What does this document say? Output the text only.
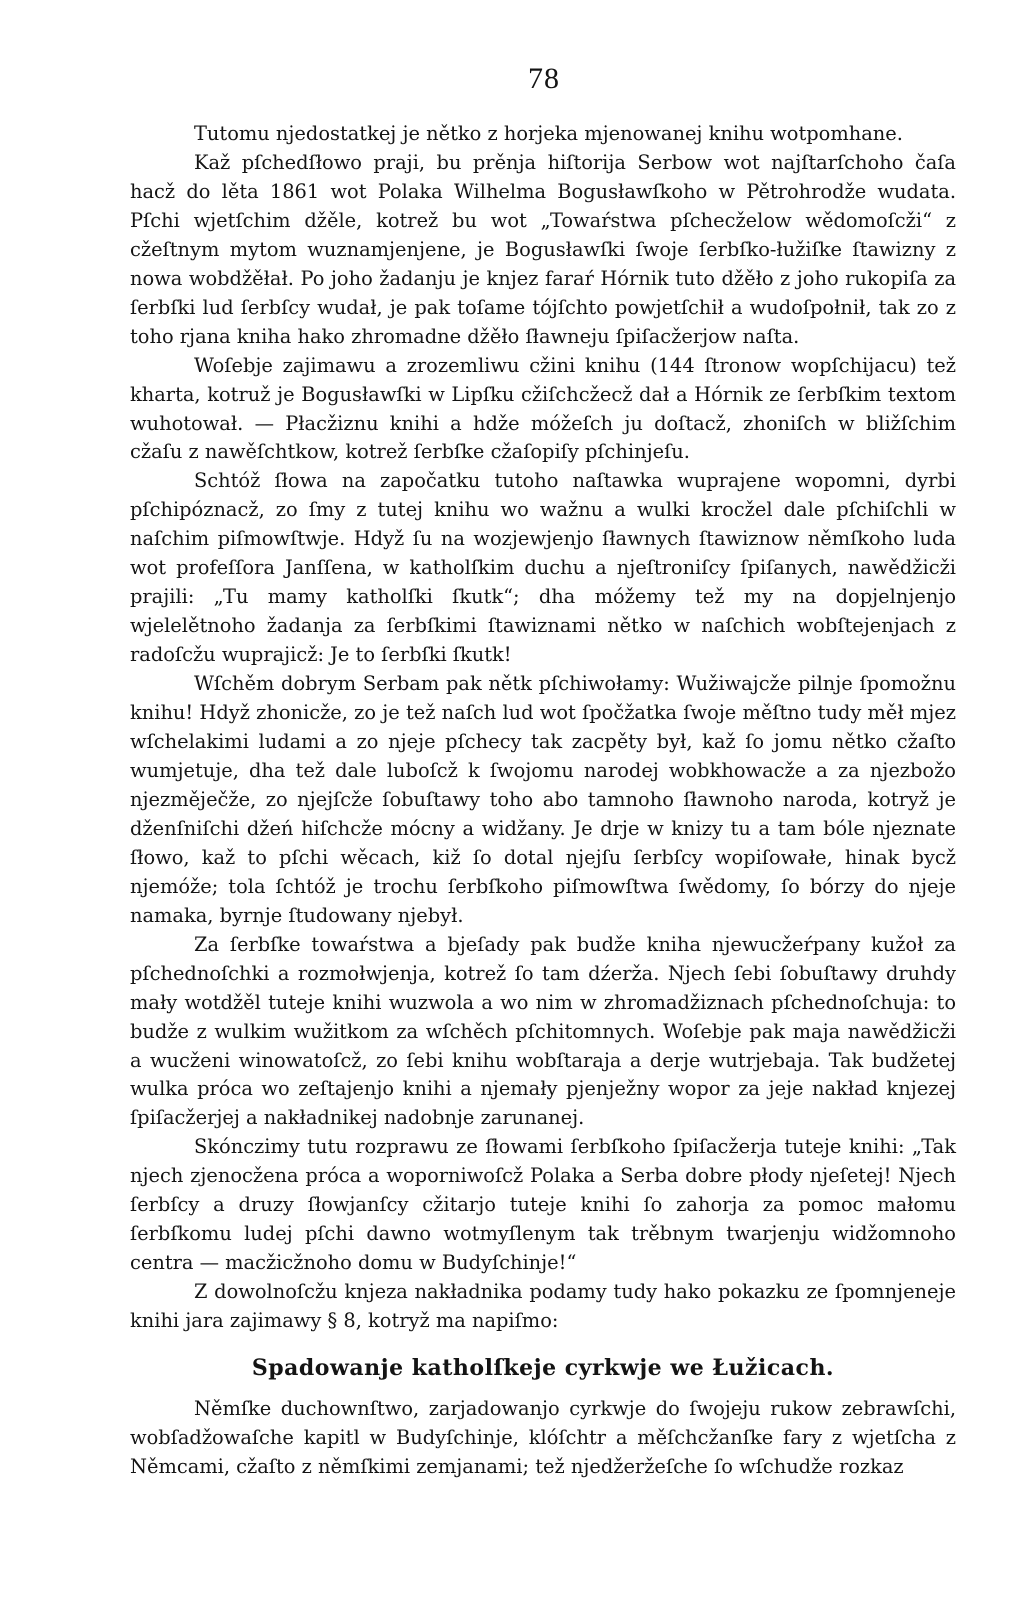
78

Tutomu njedostatkej je nětko z horjeka mjenowanej knihu wotpomhane.

Kaž pſchedſłowo praji, bu prěnja hiſtorija Serbow wot najſtarſchoho čaſa hacž do lěta 1861 wot Polaka Wilhelma Bogusławſkoho w Pětrohrodže wudata. Pſchi wjetſchim džěle, kotrež bu wot „Towaŕstwa pſchecželow wědomoſcži“ z cžeſtnym mytom wuznamjenjene, je Bogusławſki ſwoje ſerbſko-łužiſke ſtawizny z nowa wobdžěłał. Po joho žadanju je knjez faraŕ Hórnik tuto džěło z joho rukopiſa za ſerbſki lud ſerbſcy wudał, je pak toſame tójſchto powjetſchił a wudoſpołnił, tak zo z toho rjana kniha hako zhromadne džěło ſławneju ſpiſacžerjow naſta.

Woſebje zajimawu a zrozemliwu cžini knihu (144 ſtronow wopſchijacu) tež kharta, kotruž je Bogusławſki w Lipſku cžiſchcžecž dał a Hórnik ze ſerbſkim textom wuhotował. — Płacžiznu knihi a hdže móžeſch ju doſtacž, zhoniſch w bližſchim cžaſu z nawěſchtkow, kotrež ſerbſke cžaſopiſy pſchinjeſu.

Schtóž ſłowa na započatku tutoho naſtawka wuprajene wopomni, dyrbi pſchipóznacž, zo ſmy z tutej knihu wo wažnu a wulki krocžel dale pſchiſchli w naſchim piſmowſtwje. Hdyž ſu na wozjewjenjo ſławnych ſtawiznow němſkoho luda wot profeſſora Janſſena, w katholſkim duchu a njeſtroniſcy ſpiſanych, nawědžicži prajili: „Tu mamy katholſki ſkutk“; dha móžemy tež my na dopjelnjenjo wjelelětnoho žadanja za ſerbſkimi ſtawiznami nětko w naſchich wobſtejenjach z radoſcžu wuprajicž: Je to ſerbſki ſkutk!

Wſchěm dobrym Serbam pak nětk pſchiwołamy: Wužiwajcže pilnje ſpomožnu knihu! Hdyž zhonicže, zo je tež naſch lud wot ſpočžatka ſwoje měſtno tudy měł mjez wſchelakimi ludami a zo njeje pſchecy tak zacpěty był, kaž ſo jomu nětko cžaſto wumjetuje, dha tež dale luboſcž k ſwojomu narodej wobkhowacže a za njezbožo njezměječže, zo njejſcže ſobuſtawy toho abo tamnoho ſławnoho naroda, kotryž je dženſniſchi džeń hiſchcže mócny a widžany. Je drje w knizy tu a tam bóle njeznate ſłowo, kaž to pſchi wěcach, kiž ſo dotal njejſu ſerbſcy wopiſowałe, hinak bycž njemóže; tola ſchtóž je trochu ſerbſkoho piſmowſtwa ſwědomy, ſo bórzy do njeje namaka, byrnje ſtudowany njebył.

Za ſerbſke towaŕstwa a bjeſady pak budže kniha njewucžeŕpany kužoł za pſchednoſchki a rozmołwjenja, kotrež ſo tam dźerža. Njech ſebi ſobuſtawy druhdy mały wotdžěl tuteje knihi wuzwola a wo nim w zhromadžiznach pſchednoſchuja: to budže z wulkim wužitkom za wſchěch pſchitomnych. Woſebje pak maja nawědžicži a wucženi winowatoſcž, zo ſebi knihu wobſtaraja a derje wutrjebaja. Tak budžetej wulka próca wo zeſtajenjo knihi a njemały pjenježny wopor za jeje nakład knjezej ſpiſacžerjej a nakładnikej nadobnje zarunanej.

Skónczimy tutu rozprawu ze ſłowami ſerbſkoho ſpiſacžerja tuteje knihi: „Tak njech zjenocžena próca a woporniwoſcž Polaka a Serba dobre płody njeſetej! Njech ſerbſcy a druzy ſłowjanſcy cžitarjo tuteje knihi ſo zahorja za pomoc małomu ſerbſkomu ludej pſchi dawno wotmyſlenym tak trěbnym twarjenju widžomnoho centra — macžicžnoho domu w Budyſchinje!“

Z dowolnoſcžu knjeza nakładnika podamy tudy hako pokazku ze ſpomnjeneje knihi jara zajimawy § 8, kotryž ma napiſmo:

Spadowanje katholſkeje cyrkwje we Łužicach.

Němſke duchownſtwo, zarjadowanjo cyrkwje do ſwojeju rukow zebrawſchi, wobſadžowaſche kapitl w Budyſchinje, klóſchtr a měſchcžanſke fary z wjetſcha z Němcami, cžaſto z němſkimi zemjanami; tež njedžeržeſche ſo wſchudže rozkaz
